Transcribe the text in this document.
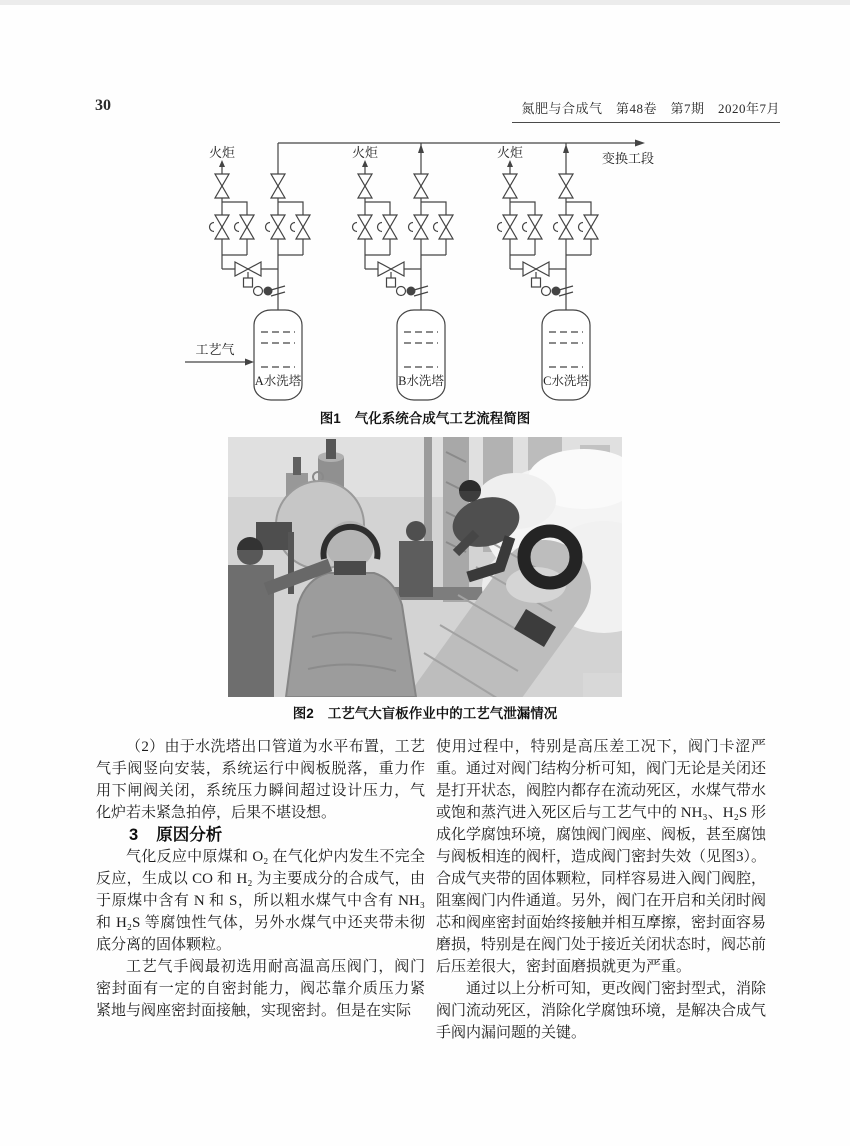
30	氮肥与合成气　第48卷　第7期　2020年7月
变换工段
火炬	火炬	火炬
工艺气
A水洗塔	B水洗塔	C水洗塔
图1 气化系统合成气工艺流程简图
图2 工艺气大盲板作业中的工艺气泄漏情况

（2）由于水洗塔出口管道为水平布置，工艺气手阀竖向安装，系统运行中阀板脱落，重力作用下闸阀关闭，系统压力瞬间超过设计压力，气化炉若未紧急拍停，后果不堪设想。

3 原因分析

气化反应中原煤和 O₂ 在气化炉内发生不完全反应，生成以 CO 和 H₂ 为主要成分的合成气，由于原煤中含有 N 和 S，所以粗水煤气中含有 NH₃ 和 H₂S 等腐蚀性气体，另外水煤气中还夹带未彻底分离的固体颗粒。

工艺气手阀最初选用耐高温高压阀门，阀门密封面有一定的自密封能力，阀芯靠介质压力紧紧地与阀座密封面接触，实现密封。但是在实际

使用过程中，特别是高压差工况下，阀门卡涩严重。通过对阀门结构分析可知，阀门无论是关闭还是打开状态，阀腔内都存在流动死区，水煤气带水或饱和蒸汽进入死区后与工艺气中的 NH₃、H₂S 形成化学腐蚀环境，腐蚀阀门阀座、阀板，甚至腐蚀与阀板相连的阀杆，造成阀门密封失效（见图3）。合成气夹带的固体颗粒，同样容易进入阀门阀腔，阻塞阀门内件通道。另外，阀门在开启和关闭时阀芯和阀座密封面始终接触并相互摩擦，密封面容易磨损，特别是在阀门处于接近关闭状态时，阀芯前后压差很大，密封面磨损就更为严重。

通过以上分析可知，更改阀门密封型式，消除阀门流动死区，消除化学腐蚀环境，是解决合成气手阀内漏问题的关键。
